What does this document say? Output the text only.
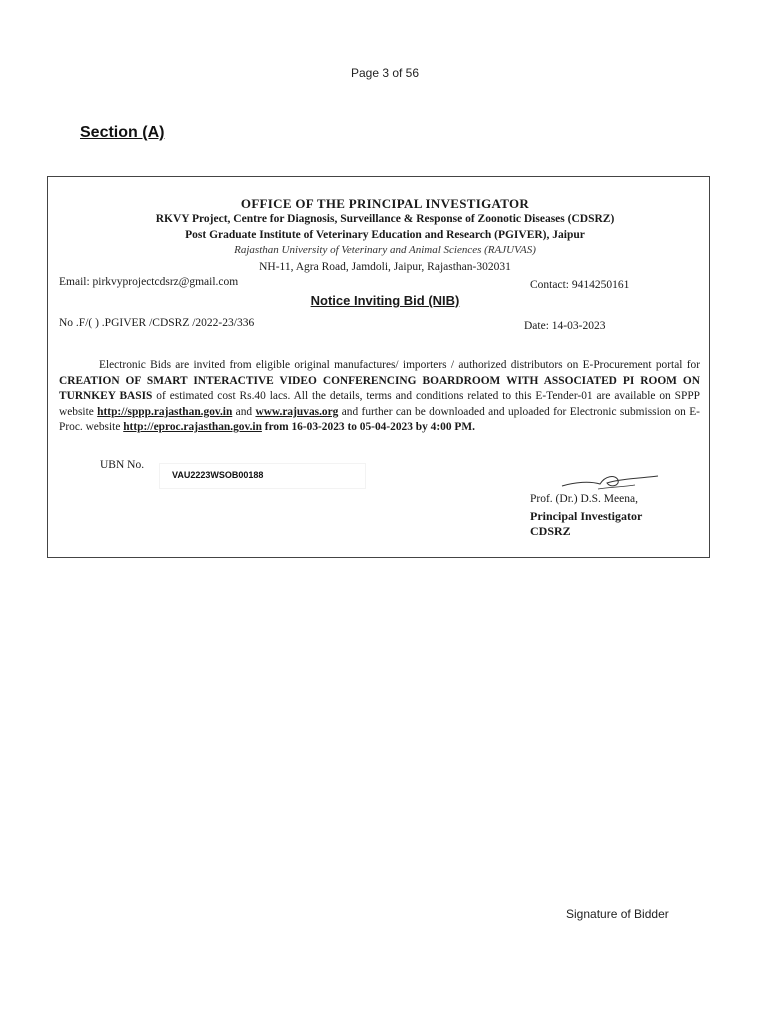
Page 3 of 56
Section (A)
OFFICE OF THE PRINCIPAL INVESTIGATOR
RKVY Project, Centre for Diagnosis, Surveillance & Response of Zoonotic Diseases (CDSRZ)
Post Graduate Institute of Veterinary Education and Research (PGIVER), Jaipur
Rajasthan University of Veterinary and Animal Sciences (RAJUVAS)
NH-11, Agra Road, Jamdoli, Jaipur, Rajasthan-302031
Email: pirkvyprojectcdsrz@gmail.com	Contact: 9414250161
Notice Inviting Bid (NIB)
No .F/( ) .PGIVER /CDSRZ /2022-23/336	Date: 14-03-2023
Electronic Bids are invited from eligible original manufactures/ importers / authorized distributors on E-Procurement portal for CREATION OF SMART INTERACTIVE VIDEO CONFERENCING BOARDROOM WITH ASSOCIATED PI ROOM ON TURNKEY BASIS of estimated cost Rs.40 lacs. All the details, terms and conditions related to this E-Tender-01 are available on SPPP website http://sppp.rajasthan.gov.in and www.rajuvas.org and further can be downloaded and uploaded for Electronic submission on E-Proc. website http://eproc.rajasthan.gov.in from 16-03-2023 to 05-04-2023 by 4:00 PM.
UBN No.
VAU2223WSOB00188
Prof. (Dr.) D.S. Meena,
Principal Investigator
CDSRZ
Signature of Bidder
